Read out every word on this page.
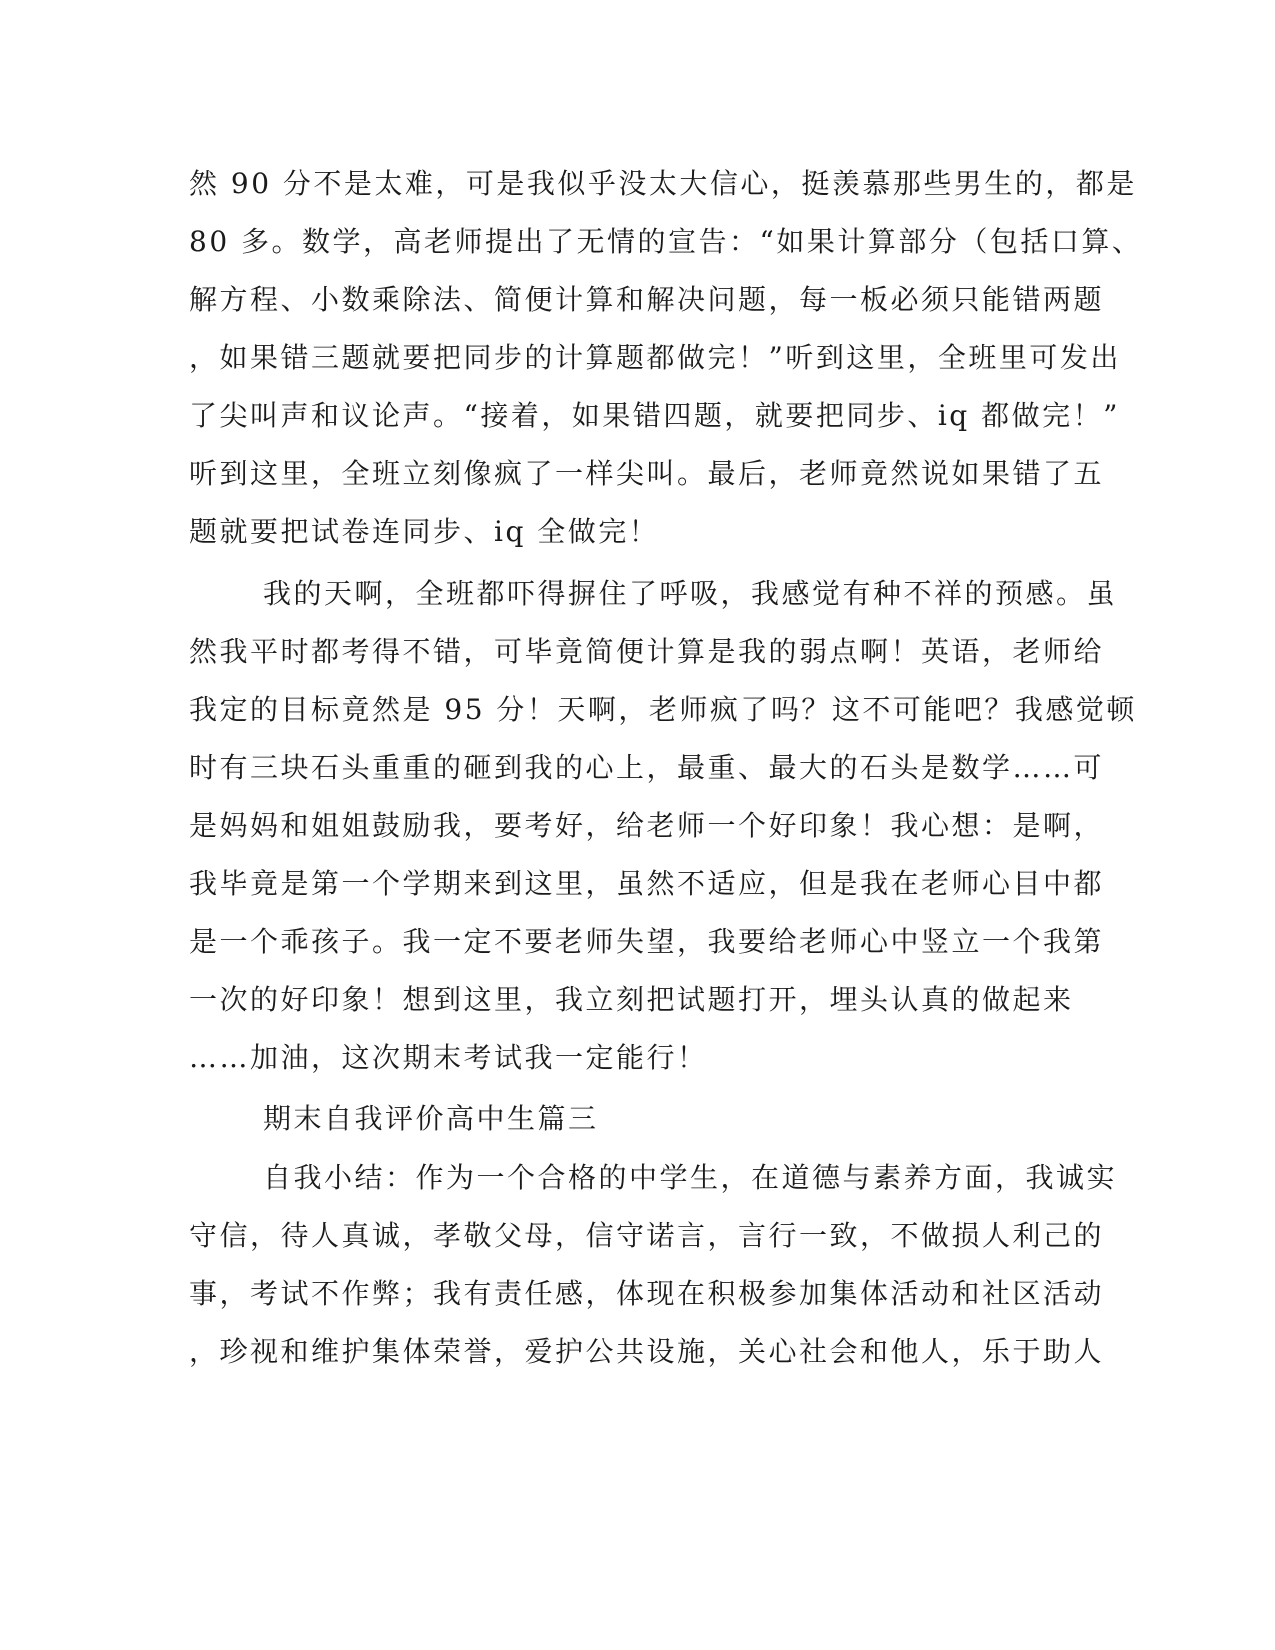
然 90 分不是太难，可是我似乎没太大信心，挺羡慕那些男生的，都是
80 多。数学，高老师提出了无情的宣告：“如果计算部分（包括口算、
解方程、小数乘除法、简便计算和解决问题，每一板必须只能错两题
，如果错三题就要把同步的计算题都做完！”听到这里，全班里可发出
了尖叫声和议论声。“接着，如果错四题，就要把同步、iq 都做完！”
听到这里，全班立刻像疯了一样尖叫。最后，老师竟然说如果错了五
题就要把试卷连同步、iq 全做完！
我的天啊，全班都吓得摒住了呼吸，我感觉有种不祥的预感。虽
然我平时都考得不错，可毕竟简便计算是我的弱点啊！英语，老师给
我定的目标竟然是 95 分！天啊，老师疯了吗？这不可能吧？我感觉顿
时有三块石头重重的砸到我的心上，最重、最大的石头是数学……可
是妈妈和姐姐鼓励我，要考好，给老师一个好印象！我心想：是啊，
我毕竟是第一个学期来到这里，虽然不适应，但是我在老师心目中都
是一个乖孩子。我一定不要老师失望，我要给老师心中竖立一个我第
一次的好印象！想到这里，我立刻把试题打开，埋头认真的做起来
……加油，这次期末考试我一定能行！
期末自我评价高中生篇三
自我小结：作为一个合格的中学生，在道德与素养方面，我诚实
守信，待人真诚，孝敬父母，信守诺言，言行一致，不做损人利己的
事，考试不作弊；我有责任感，体现在积极参加集体活动和社区活动
，珍视和维护集体荣誉，爱护公共设施，关心社会和他人，乐于助人
